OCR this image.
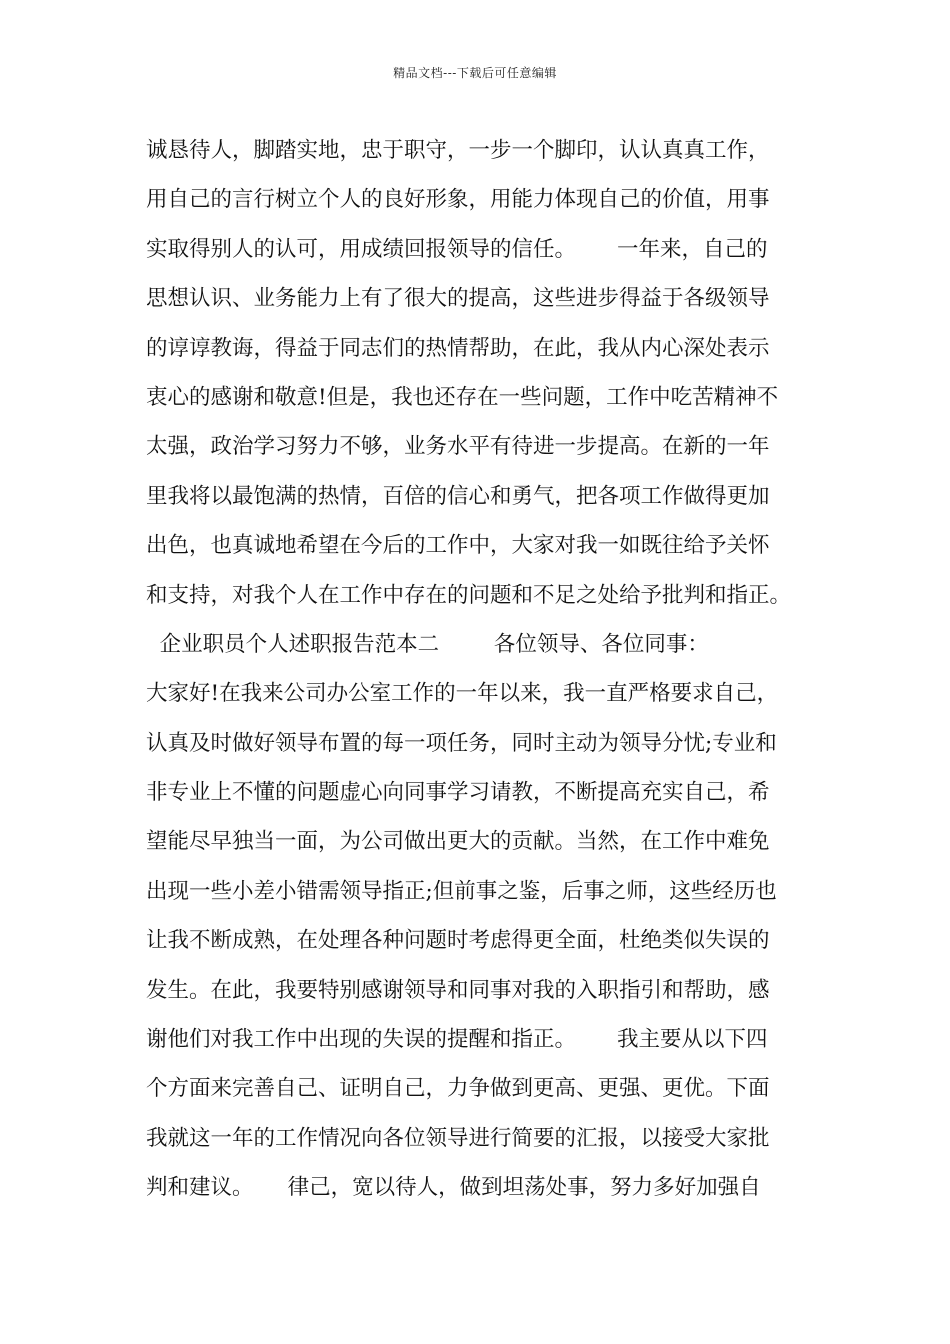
精品文档---下载后可任意编辑
诚恳待人，脚踏实地，忠于职守，一步一个脚印，认认真真工作，
用自己的言行树立个人的良好形象，用能力体现自己的价值，用事
实取得别人的认可，用成绩回报领导的信任。      一年来，自己的
思想认识、业务能力上有了很大的提高，这些进步得益于各级领导
的谆谆教诲，得益于同志们的热情帮助，在此，我从内心深处表示
衷心的感谢和敬意!但是，我也还存在一些问题，工作中吃苦精神不
太强，政治学习努力不够，业务水平有待进一步提高。在新的一年
里我将以最饱满的热情，百倍的信心和勇气，把各项工作做得更加
出色，也真诚地希望在今后的工作中，大家对我一如既往给予关怀
和支持，对我个人在工作中存在的问题和不足之处给予批判和指正。
企业职员个人述职报告范本二        各位领导、各位同事：
大家好!在我来公司办公室工作的一年以来，我一直严格要求自己，
认真及时做好领导布置的每一项任务，同时主动为领导分忧;专业和
非专业上不懂的问题虚心向同事学习请教，不断提高充实自己，希
望能尽早独当一面，为公司做出更大的贡献。当然，在工作中难免
出现一些小差小错需领导指正;但前事之鉴，后事之师，这些经历也
让我不断成熟，在处理各种问题时考虑得更全面，杜绝类似失误的
发生。在此，我要特别感谢领导和同事对我的入职指引和帮助，感
谢他们对我工作中出现的失误的提醒和指正。      我主要从以下四
个方面来完善自己、证明自己，力争做到更高、更强、更优。下面
我就这一年的工作情况向各位领导进行简要的汇报，以接受大家批
判和建议。     律己，宽以待人，做到坦荡处事，努力多好加强自
